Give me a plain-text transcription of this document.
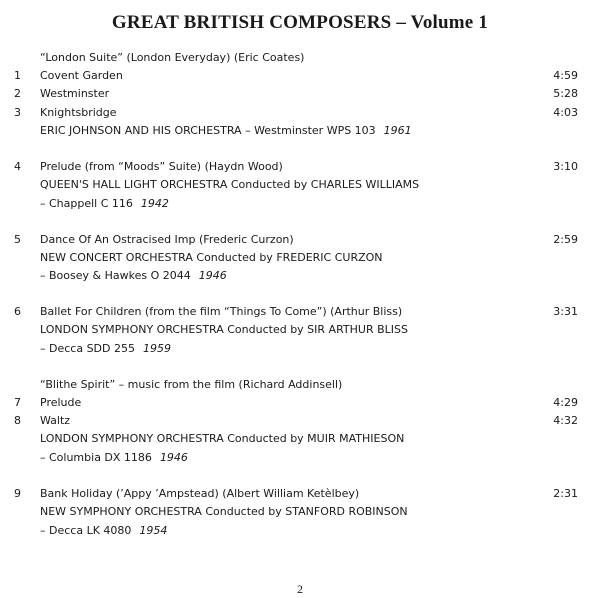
GREAT BRITISH COMPOSERS – Volume 1
“London Suite” (London Everyday) (Eric Coates)
1 Covent Garden	4:59
2 Westminster	5:28
3 Knightsbridge	4:03
ERIC JOHNSON AND HIS ORCHESTRA – Westminster WPS 103 1961
4 Prelude (from “Moods” Suite) (Haydn Wood)	3:10
QUEEN'S HALL LIGHT ORCHESTRA Conducted by CHARLES WILLIAMS
– Chappell C 116 1942
5 Dance Of An Ostracised Imp (Frederic Curzon)	2:59
NEW CONCERT ORCHESTRA Conducted by FREDERIC CURZON
– Boosey & Hawkes O 2044 1946
6 Ballet For Children (from the film “Things To Come”) (Arthur Bliss)	3:31
LONDON SYMPHONY ORCHESTRA Conducted by SIR ARTHUR BLISS
– Decca SDD 255 1959
“Blithe Spirit” – music from the film (Richard Addinsell)
7 Prelude	4:29
8 Waltz	4:32
LONDON SYMPHONY ORCHESTRA Conducted by MUIR MATHIESON
– Columbia DX 1186 1946
9 Bank Holiday (’Appy ’Ampstead) (Albert William Ketèlbey)	2:31
NEW SYMPHONY ORCHESTRA Conducted by STANFORD ROBINSON
– Decca LK 4080 1954
2
